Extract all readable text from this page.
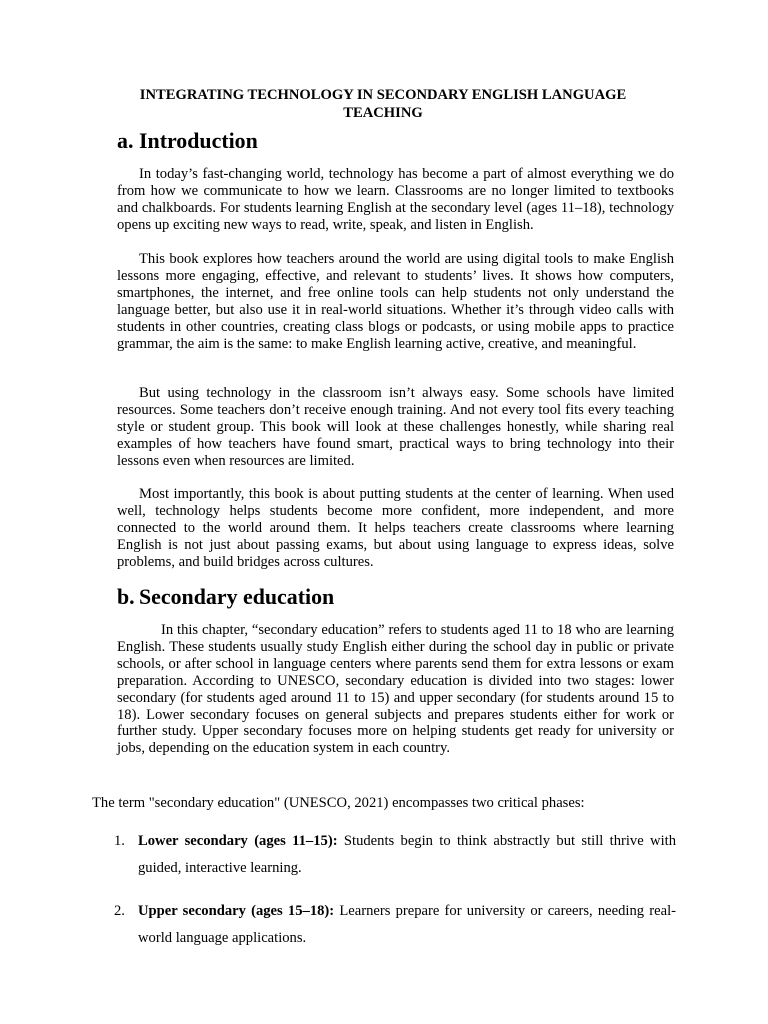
INTEGRATING TECHNOLOGY IN SECONDARY ENGLISH LANGUAGE TEACHING
a. Introduction

In today’s fast-changing world, technology has become a part of almost everything we do from how we communicate to how we learn. Classrooms are no longer limited to textbooks and chalkboards. For students learning English at the secondary level (ages 11–18), technology opens up exciting new ways to read, write, speak, and listen in English.

This book explores how teachers around the world are using digital tools to make English lessons more engaging, effective, and relevant to students’ lives. It shows how computers, smartphones, the internet, and free online tools can help students not only understand the language better, but also use it in real-world situations. Whether it’s through video calls with students in other countries, creating class blogs or podcasts, or using mobile apps to practice grammar, the aim is the same: to make English learning active, creative, and meaningful.

But using technology in the classroom isn’t always easy. Some schools have limited resources. Some teachers don’t receive enough training. And not every tool fits every teaching style or student group. This book will look at these challenges honestly, while sharing real examples of how teachers have found smart, practical ways to bring technology into their lessons even when resources are limited.

Most importantly, this book is about putting students at the center of learning. When used well, technology helps students become more confident, more independent, and more connected to the world around them. It helps teachers create classrooms where learning English is not just about passing exams, but about using language to express ideas, solve problems, and build bridges across cultures.

b. Secondary education

In this chapter, “secondary education” refers to students aged 11 to 18 who are learning English. These students usually study English either during the school day in public or private schools, or after school in language centers where parents send them for extra lessons or exam preparation. According to UNESCO, secondary education is divided into two stages: lower secondary (for students aged around 11 to 15) and upper secondary (for students around 15 to 18). Lower secondary focuses on general subjects and prepares students either for work or further study. Upper secondary focuses more on helping students get ready for university or jobs, depending on the education system in each country.

The term "secondary education" (UNESCO, 2021) encompasses two critical phases:

1. Lower secondary (ages 11–15): Students begin to think abstractly but still thrive with guided, interactive learning.
2. Upper secondary (ages 15–18): Learners prepare for university or careers, needing real-world language applications.
